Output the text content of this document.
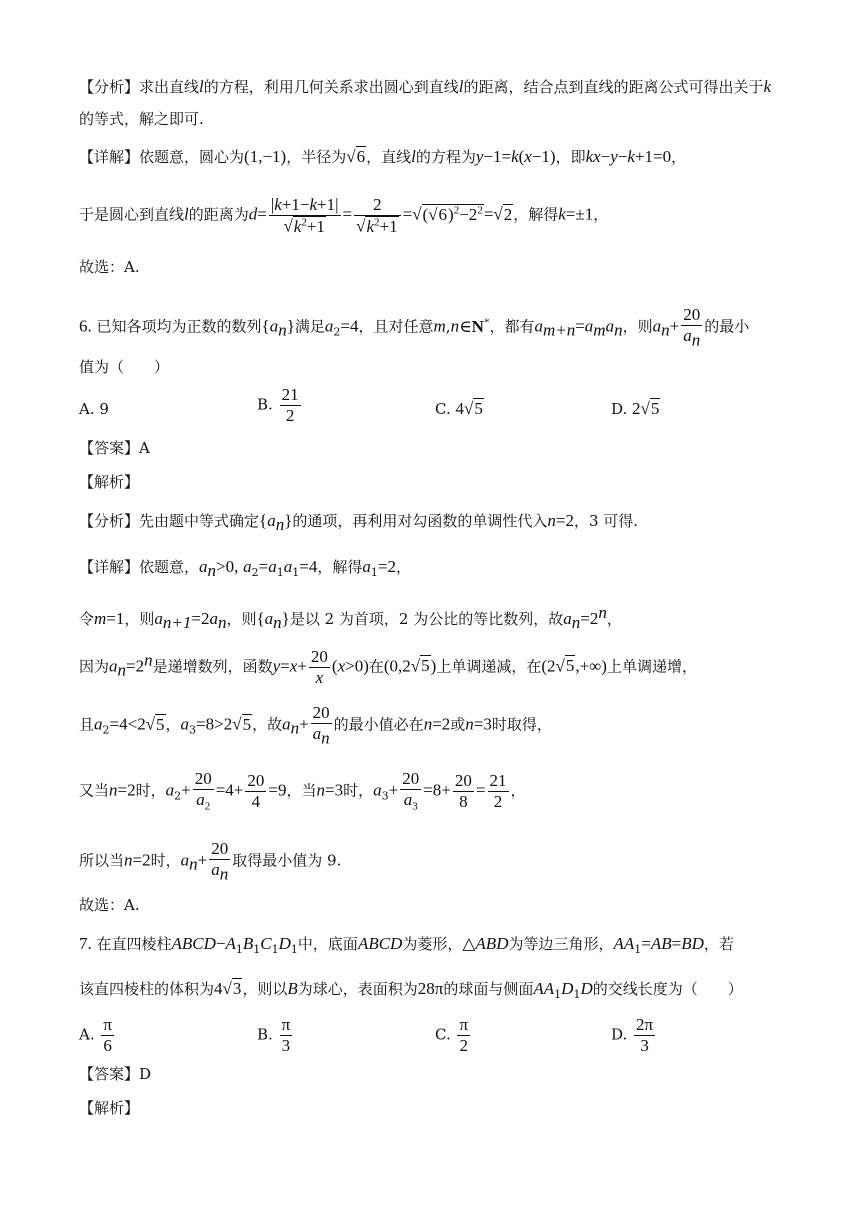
【分析】求出直线l的方程，利用几何关系求出圆心到直线l的距离，结合点到直线的距离公式可得出关于k
的等式，解之即可.
【详解】依题意，圆心为(1,−1)，半径为√6，直线l的方程为y−1=k(x−1)，即kx−y−k+1=0，
于是圆心到直线l的距离为$d= \frac{|k+1-k+1|}{√k^2+1} = \frac{2}{√k^2+1} =√(√6)^2-2^2=√2$，解得k=±1，
故选：A.
6. 已知各项均为正数的数列$\{a_n\}$满足$a_2=4$，且对任意m,n∈N*，都有$a_{m+n}=a_ma_n$，则$a_n+ \frac{20}{a_n}$ 的最小
值为（　　）
A. 9	B. $\frac{21}{2}$	C. 4√5	D. 2√5
【答案】A
【解析】
【分析】先由题中等式确定$\{a_n\}$的通项，再利用对勾函数的单调性代入n=2，3 可得.
【详解】依题意，$a_n>0$, $a_2=a_1a_1=4$，解得$a_1=2$，
令m=1，则$a_{n+1}=2a_n$，则$\{a_n\}$是以 2 为首项，2 为公比的等比数列，故$a_n=2^n$，
因为$a_n=2^n$是递增数列，函数$y=x+ \frac{20}{x} (x>0)$在(0,2√5)上单调递减，在(2√5,+∞)上单调递增，
且$a_2=4<2√5$，$a_3=8>2√5$，故$a_n+ \frac{20}{a_n}$ 的最小值必在n=2或n=3时取得，
又当n=2时，$a_2+ \frac{20}{a_2} =4+ \frac{20}{4} =9$，当n=3时，$a_3+ \frac{20}{a_3} =8+ \frac{20}{8} = \frac{21}{2}$ ，
所以当n=2时，$a_n+ \frac{20}{a_n}$ 取得最小值为 9.
故选：A.
7. 在直四棱柱$ABCD-A_1B_1C_1D_1$中，底面ABCD为菱形，△ABD为等边三角形，$AA_1=AB=BD$，若
该直四棱柱的体积为4√3，则以B为球心，表面积为28π的球面与侧面$AA_1D_1D$的交线长度为（　　）
A. $\frac{\pi}{6}$	B. $\frac{\pi}{3}$	C. $\frac{\pi}{2}$	D. $\frac{2\pi}{3}$
【答案】D
【解析】
